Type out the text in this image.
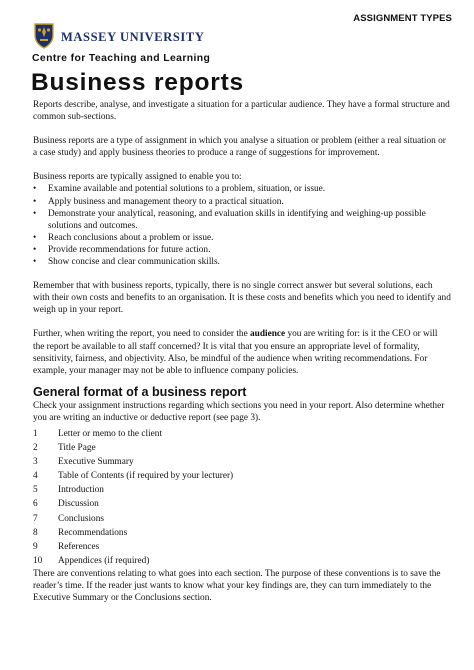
ASSIGNMENT TYPES
MASSEY UNIVERSITY
Centre for Teaching and Learning
Business reports

Reports describe, analyse, and investigate a situation for a particular audience. They have a formal structure and common sub-sections.

Business reports are a type of assignment in which you analyse a situation or problem (either a real situation or a case study) and apply business theories to produce a range of suggestions for improvement.

Business reports are typically assigned to enable you to:

• Examine available and potential solutions to a problem, situation, or issue.
• Apply business and management theory to a practical situation.
• Demonstrate your analytical, reasoning, and evaluation skills in identifying and weighing-up possible solutions and outcomes.
• Reach conclusions about a problem or issue.
• Provide recommendations for future action.
• Show concise and clear communication skills.

Remember that with business reports, typically, there is no single correct answer but several solutions, each with their own costs and benefits to an organisation. It is these costs and benefits which you need to identify and weigh up in your report.

Further, when writing the report, you need to consider the audience you are writing for: is it the CEO or will the report be available to all staff concerned? It is vital that you ensure an appropriate level of formality, sensitivity, fairness, and objectivity. Also, be mindful of the audience when writing recommendations. For example, your manager may not be able to influence company policies.

General format of a business report

Check your assignment instructions regarding which sections you need in your report. Also determine whether you are writing an inductive or deductive report (see page 3).

1	Letter or memo to the client
2	Title Page
3	Executive Summary
4	Table of Contents (if required by your lecturer)
5	Introduction
6	Discussion
7	Conclusions
8	Recommendations
9	References
10	Appendices (if required)

There are conventions relating to what goes into each section. The purpose of these conventions is to save the reader’s time. If the reader just wants to know what your key findings are, they can turn immediately to the Executive Summary or the Conclusions section.
